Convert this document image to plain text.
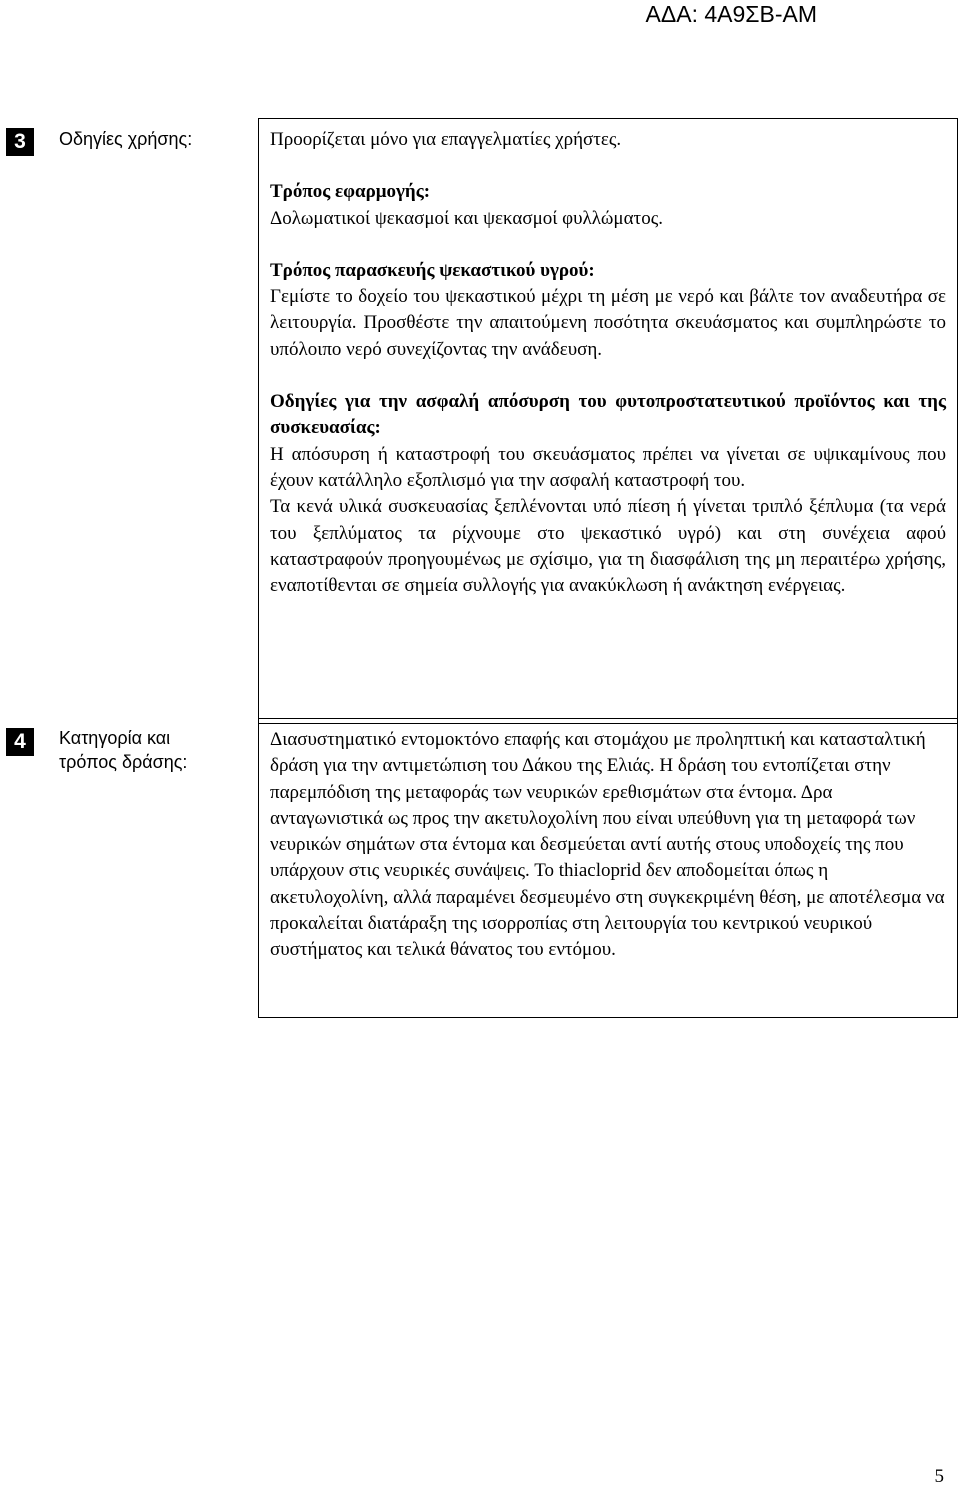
ΑΔΑ: 4Α9ΣΒ-ΑΜ
3	Οδηγίες χρήσης:	Προορίζεται μόνο για επαγγελματίες χρήστες.

Τρόπος εφαρμογής:

Δολωματικοί ψεκασμοί και ψεκασμοί φυλλώματος.

Τρόπος παρασκευής ψεκαστικού υγρού:

Γεμίστε το δοχείο του ψεκαστικού μέχρι τη μέση με νερό και βάλτε τον αναδευτήρα σε λειτουργία. Προσθέστε την απαιτούμενη ποσότητα σκευάσματος και συμπληρώστε το υπόλοιπο νερό συνεχίζοντας την ανάδευση.

Οδηγίες για την ασφαλή απόσυρση του φυτοπροστατευτικού προϊόντος και της συσκευασίας:

Η απόσυρση ή καταστροφή του σκευάσματος πρέπει να γίνεται σε υψικαμίνους που έχουν κατάλληλο εξοπλισμό για την ασφαλή καταστροφή του.

Τα κενά υλικά συσκευασίας ξεπλένονται υπό πίεση ή γίνεται τριπλό ξέπλυμα (τα νερά του ξεπλύματος τα ρίχνουμε στο ψεκαστικό υγρό) και στη συνέχεια αφού καταστραφούν προηγουμένως με σχίσιμο, για τη διασφάλιση της μη περαιτέρω χρήσης, εναποτίθενται σε σημεία συλλογής για ανακύκλωση ή ανάκτηση ενέργειας.

4	Κατηγορία και
τρόπος δράσης:

Διασυστηματικό εντομοκτόνο επαφής και στομάχου με προληπτική και κατασταλτική δράση για την αντιμετώπιση του Δάκου της Ελιάς. Η δράση του εντοπίζεται στην παρεμπόδιση της μεταφοράς των νευρικών ερεθισμάτων στα έντομα. Δρα ανταγωνιστικά ως προς την ακετυλοχολίνη που είναι υπεύθυνη για τη μεταφορά των νευρικών σημάτων στα έντομα και δεσμεύεται αντί αυτής στους υποδοχείς της που υπάρχουν στις νευρικές συνάψεις. Το thiacloprid δεν αποδομείται όπως η ακετυλοχολίνη, αλλά παραμένει δεσμευμένο στη συγκεκριμένη θέση, με αποτέλεσμα να προκαλείται διατάραξη της ισορροπίας στη λειτουργία του κεντρικού νευρικού συστήματος και τελικά θάνατος του εντόμου.

5
